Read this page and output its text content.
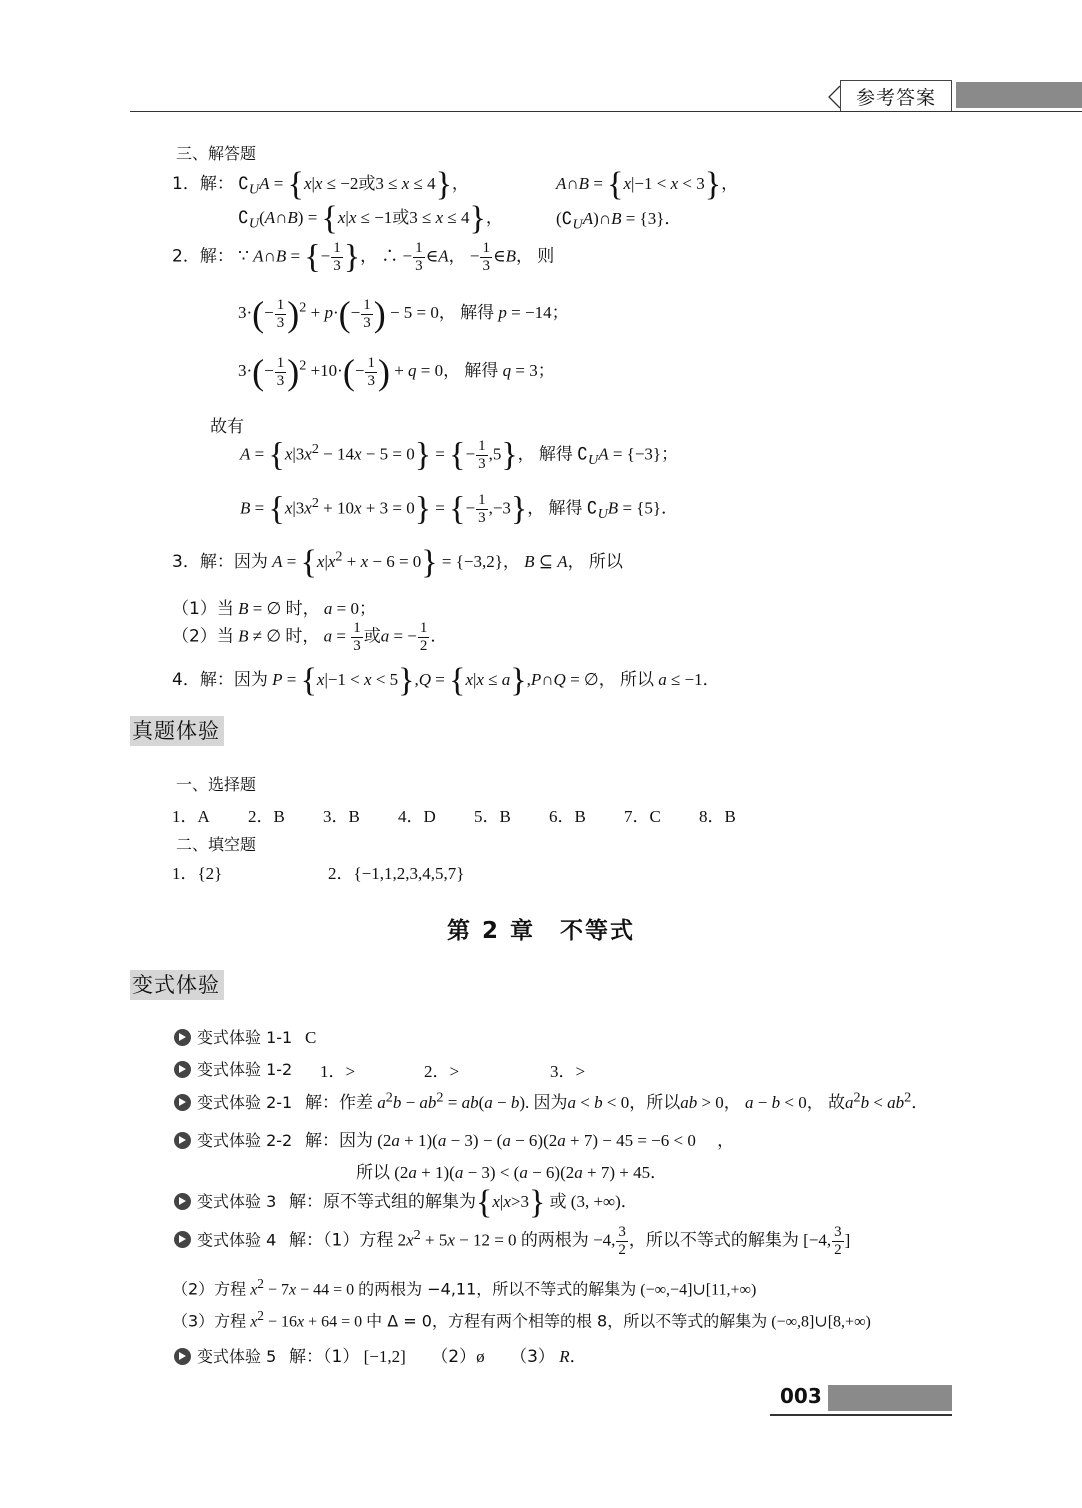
参考答案
三、解答题
1．解： $∁_UA = \{x|x \le -2$或3 ≤ x ≤ 4}，	A∩B = {x|−1 < x < 3}，
$∁_U(A\cap B) = \{x|x \le -1$或3 ≤ x ≤ 4}，	$(∁_UA)\cap B = \{3\}$．
2．解： ∵ A∩B = {− $\frac{1}{3}$ }， ∴ − $\frac{1}{3}$ ∈A， − $\frac{1}{3}$ ∈B， 则
$3\cdot(- \frac{1}{3} )^2 + p\cdot(- \frac{1}{3}$ ) − 5 = 0， 解得 p = −14；
$3\cdot(- \frac{1}{3} )^2 +10\cdot(- \frac{1}{3}$ ) + q = 0， 解得 q = 3；
故有
$A = \{x|3x^2 - 14x - 5 = 0\}$ = {− $\frac{1}{3} ,5$}， 解得 $∁_UA = \{-3\}$；
$B = \{x|3x^2 + 10x + 3 = 0\}$ = {− $\frac{1}{3} ,-3$}， 解得 $∁_UB = \{5\}$．
3．解：因为 $A = \{x|x^2 + x - 6 = 0\} = \{-3,2\}$， B ⊆ A， 所以
（1）当 B = ∅ 时， a = 0；
（2）当 B ≠ ∅ 时， $a = \frac{1}{3}$ 或a = − $\frac{1}{2}$ ．
4．解：因为 P = {x|−1 < x < 5},Q = {x|x ≤ a},P∩Q = ∅， 所以 a ≤ −1．
真题体验
一、选择题
1．A 2．B 3．B 4．D 5．B 6．B 7．C 8．B
二、填空题
1．{2}	2．{−1,1,2,3,4,5,7}
第 2 章　不等式
变式体验
变式体验 1-1 C
变式体验 1-2 1．>	2．>	3．>
变式体验 2-1 解：作差 $a^2b - ab^2 = ab(a - b)$. 因为a < b < 0，所以ab > 0， a − b < 0， 故$a^2b < ab^2$．
变式体验 2-2 解：因为 (2a + 1)(a − 3) − (a − 6)(2a + 7) − 45 = −6 < 0 　，
所以 (2a + 1)(a − 3) < (a − 6)(2a + 7) + 45．
变式体验 3 解：原不等式组的解集为{x|x>3} 或 (3, +∞)．
变式体验 4 解：（1）方程 $2x^2 + 5x - 12 = 0$ 的两根为 −4, $\frac{3}{2}$ ，所以不等式的解集为 [−4, $\frac{3}{2}$ ]
（2）方程 $x^2 - 7x - 44 = 0$ 的两根为 −4,11，所以不等式的解集为 (−∞,−4]∪[11,+∞)
（3）方程 $x^2 - 16x + 64 = 0$ 中 Δ = 0，方程有两个相等的根 8，所以不等式的解集为 (−∞,8]∪[8,+∞)
变式体验 5 解：（1） [−1,2] （2）ø （3） R．
003
